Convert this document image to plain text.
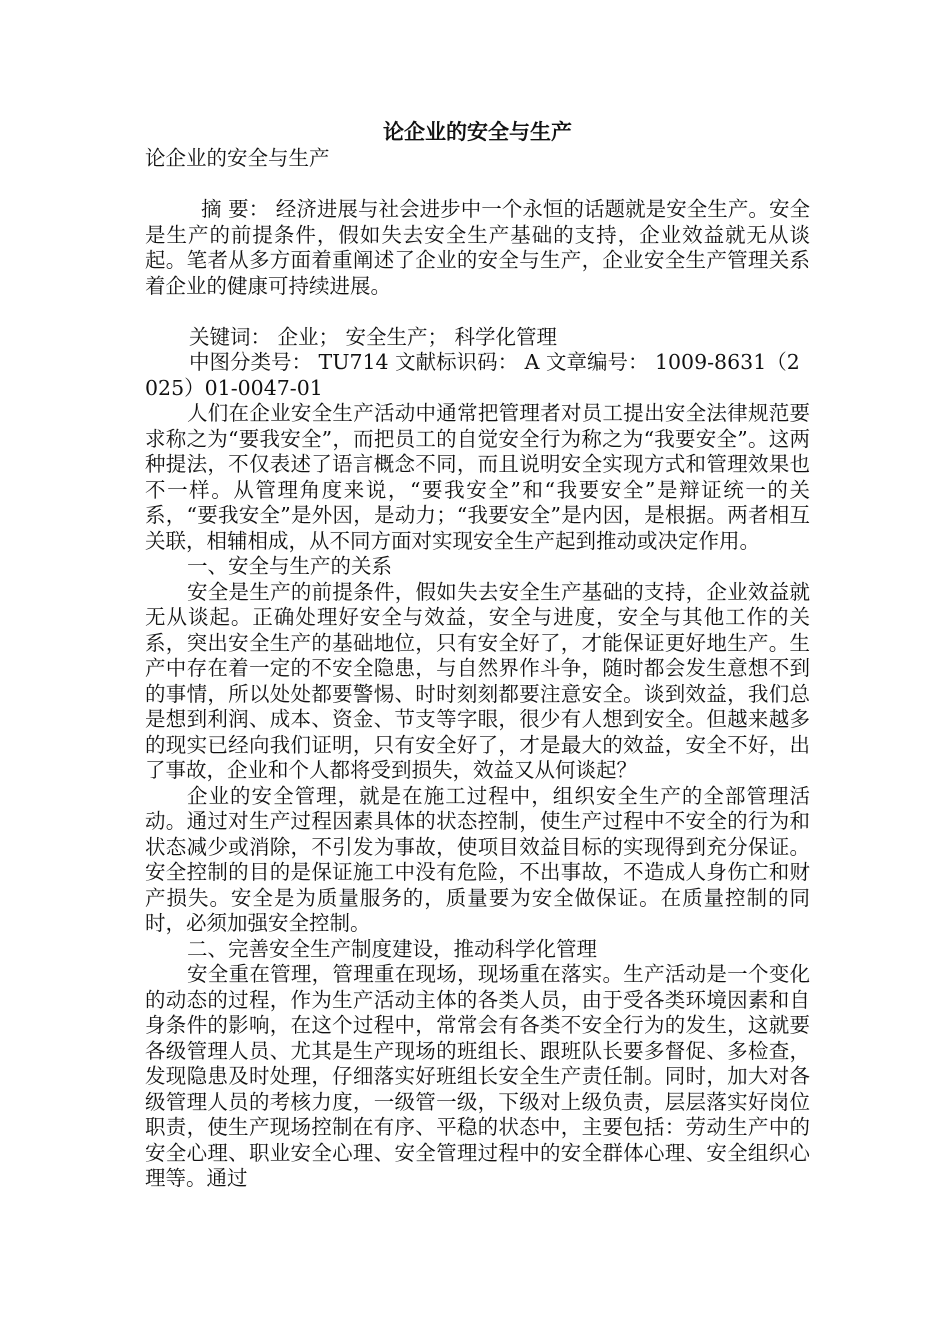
论企业的安全与生产

论企业的安全与生产

摘 要： 经济进展与社会进步中一个永恒的话题就是安全生产。安全是生产的前提条件，假如失去安全生产基础的支持，企业效益就无从谈起。笔者从多方面着重阐述了企业的安全与生产，企业安全生产管理关系着企业的健康可持续进展。

关键词： 企业； 安全生产； 科学化管理

中图分类号： TU714 文献标识码： A 文章编号： 1009-8631（2025）01-0047-01

人们在企业安全生产活动中通常把管理者对员工提出安全法律规范要求称之为“要我安全”，而把员工的自觉安全行为称之为“我要安全”。这两种提法，不仅表述了语言概念不同，而且说明安全实现方式和管理效果也不一样。从管理角度来说，“要我安全”和“我要安全”是辩证统一的关系，“要我安全”是外因，是动力；“我要安全”是内因，是根据。两者相互关联，相辅相成，从不同方面对实现安全生产起到推动或决定作用。

一、安全与生产的关系

安全是生产的前提条件，假如失去安全生产基础的支持，企业效益就无从谈起。正确处理好安全与效益，安全与进度，安全与其他工作的关系，突出安全生产的基础地位，只有安全好了，才能保证更好地生产。生产中存在着一定的不安全隐患，与自然界作斗争，随时都会发生意想不到的事情，所以处处都要警惕、时时刻刻都要注意安全。谈到效益，我们总是想到利润、成本、资金、节支等字眼，很少有人想到安全。但越来越多的现实已经向我们证明，只有安全好了，才是最大的效益，安全不好，出了事故，企业和个人都将受到损失，效益又从何谈起？

企业的安全管理，就是在施工过程中，组织安全生产的全部管理活动。通过对生产过程因素具体的状态控制，使生产过程中不安全的行为和状态减少或消除，不引发为事故，使项目效益目标的实现得到充分保证。安全控制的目的是保证施工中没有危险，不出事故，不造成人身伤亡和财产损失。安全是为质量服务的，质量要为安全做保证。在质量控制的同时，必须加强安全控制。

二、完善安全生产制度建设，推动科学化管理

安全重在管理，管理重在现场，现场重在落实。生产活动是一个变化的动态的过程，作为生产活动主体的各类人员，由于受各类环境因素和自身条件的影响，在这个过程中，常常会有各类不安全行为的发生，这就要各级管理人员、尤其是生产现场的班组长、跟班队长要多督促、多检查，发现隐患及时处理，仔细落实好班组长安全生产责任制。同时，加大对各级管理人员的考核力度，一级管一级，下级对上级负责，层层落实好岗位职责，使生产现场控制在有序、平稳的状态中，主要包括：劳动生产中的安全心理、职业安全心理、安全管理过程中的安全群体心理、安全组织心理等。通过
